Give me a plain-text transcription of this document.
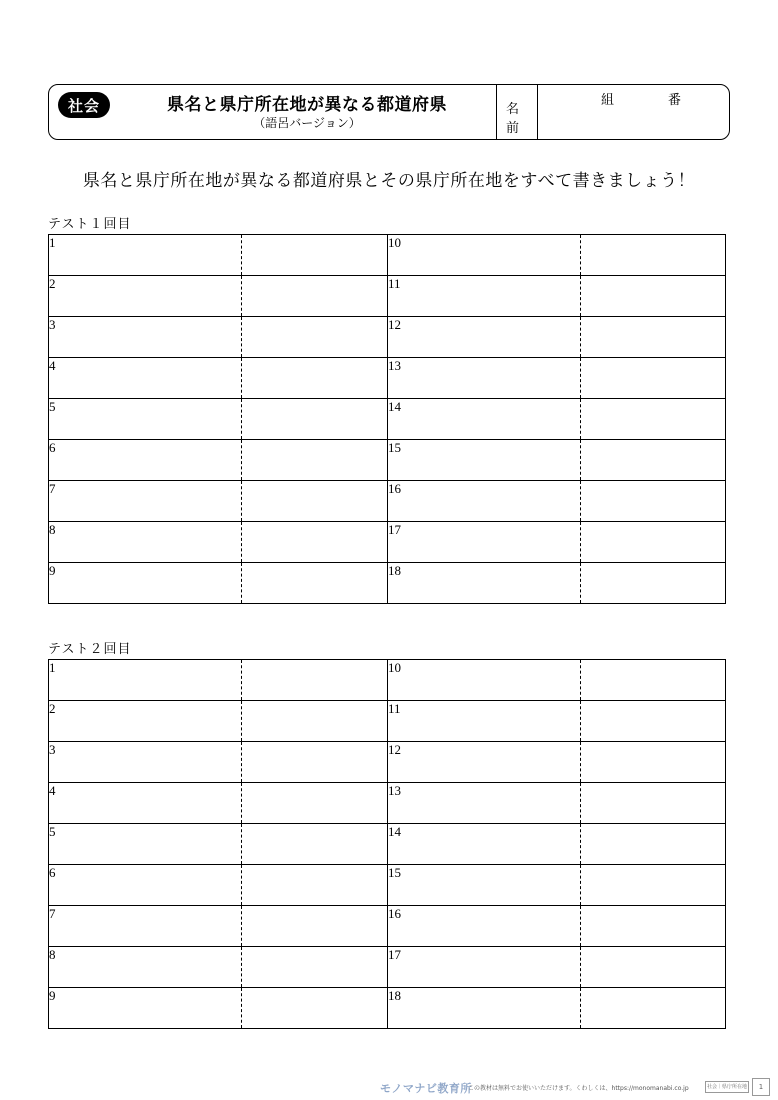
社会	県名と県庁所在地が異なる都道府県
（語呂バージョン）
名
前
組	番
県名と県庁所在地が異なる都道府県とその県庁所在地をすべて書きましょう！
テスト１回目
1			10		
2			11		
3			12		
4			13		
5			14		
6			15		
7			16		
8			17		
9			18		
テスト２回目
1			10		
2			11		
3			12		
4			13		
5			14		
6			15		
7			16		
8			17		
9			18		
モノマナビ教育所
この教材は無料でお使いいただけます。くわしくは、https://monomanabi.co.jp	社会｜県庁所在地	1
